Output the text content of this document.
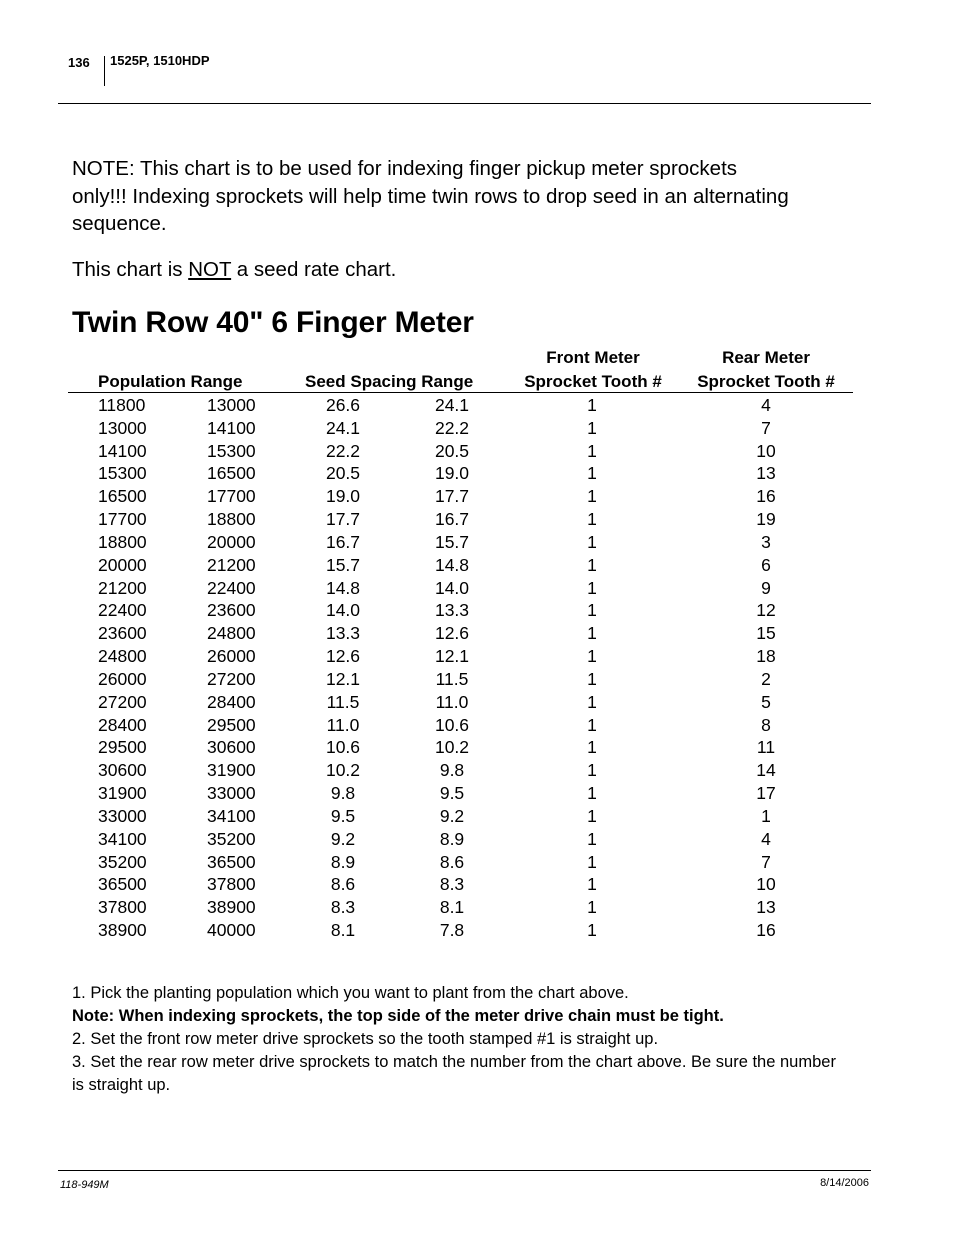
136 1525P, 1510HDP
NOTE: This chart is to be used for indexing finger pickup meter sprockets only!!! Indexing sprockets will help time twin rows to drop seed in an alternating sequence.
This chart is NOT a seed rate chart.
Twin Row 40" 6 Finger Meter
Population Range	Seed Spacing Range
Front Meter
Sprocket Tooth #
Rear Meter
Sprocket Tooth #
11800	13000	26.6	24.1	1	4
13000	14100	24.1	22.2	1	7
14100	15300	22.2	20.5	1	10
15300	16500	20.5	19.0	1	13
16500	17700	19.0	17.7	1	16
17700	18800	17.7	16.7	1	19
18800	20000	16.7	15.7	1	3
20000	21200	15.7	14.8	1	6
21200	22400	14.8	14.0	1	9
22400	23600	14.0	13.3	1	12
23600	24800	13.3	12.6	1	15
24800	26000	12.6	12.1	1	18
26000	27200	12.1	11.5	1	2
27200	28400	11.5	11.0	1	5
28400	29500	11.0	10.6	1	8
29500	30600	10.6	10.2	1	11
30600	31900	10.2	9.8	1	14
31900	33000	9.8	9.5	1	17
33000	34100	9.5	9.2	1	1
34100	35200	9.2	8.9	1	4
35200	36500	8.9	8.6	1	7
36500	37800	8.6	8.3	1	10
37800	38900	8.3	8.1	1	13
38900	40000	8.1	7.8	1	16

1. Pick the planting population which you want to plant from the chart above.

Note: When indexing sprockets, the top side of the meter drive chain must be tight.

2. Set the front row meter drive sprockets so the tooth stamped #1 is straight up.

3. Set the rear row meter drive sprockets to match the number from the chart above. Be sure the number is straight up.

118-949M	8/14/2006
